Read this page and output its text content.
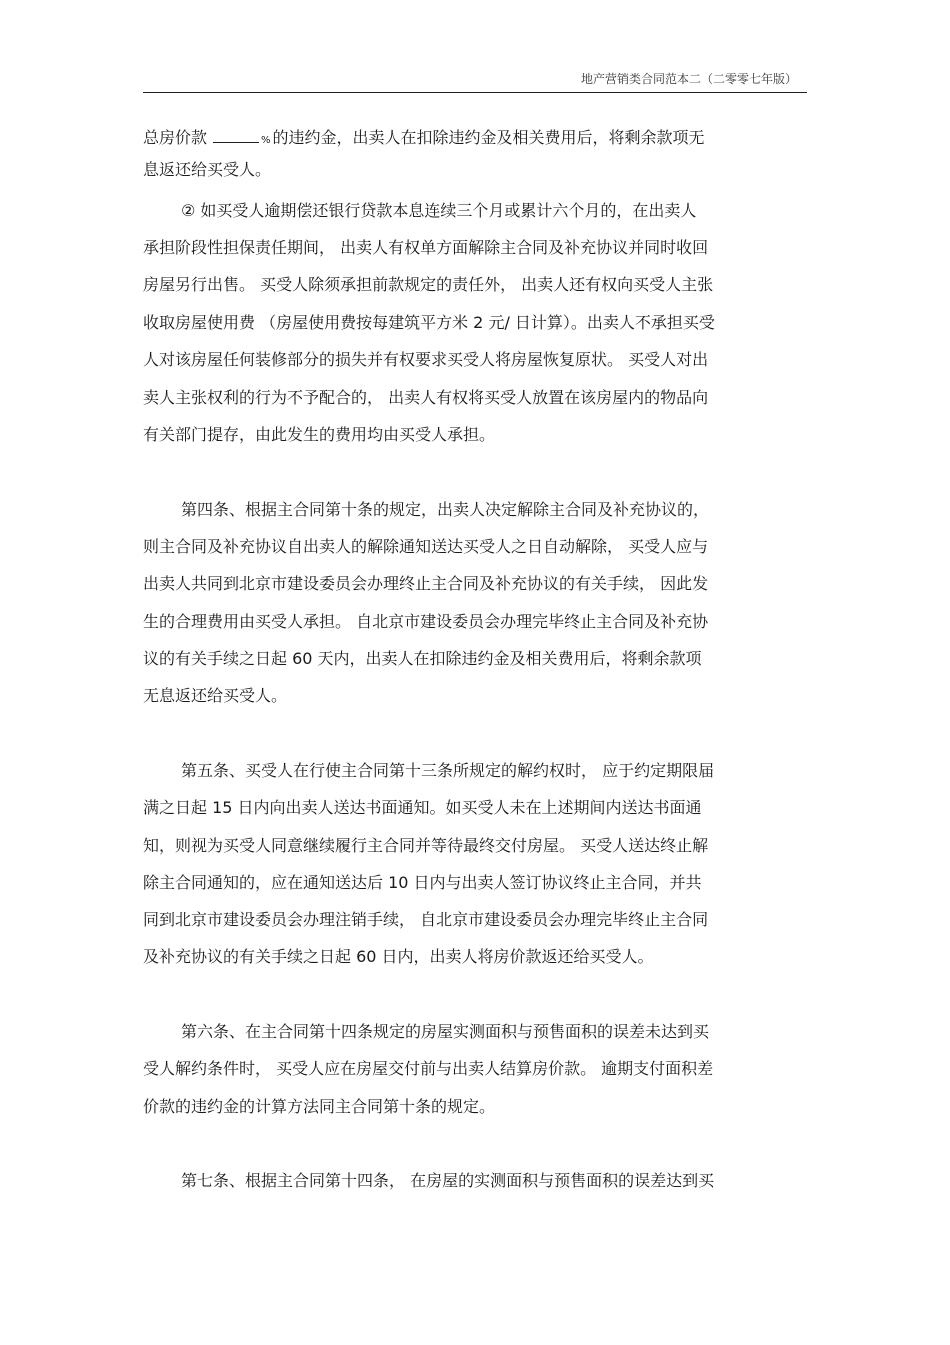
地产营销类合同范本二（二零零七年版）
总房价款	% 的违约金，出卖人在扣除违约金及相关费用后，将剩余款项无
息返还给买受人。
② 如买受人逾期偿还银行贷款本息连续三个月或累计六个月的，在出卖人
承担阶段性担保责任期间， 出卖人有权单方面解除主合同及补充协议并同时收回
房屋另行出售。 买受人除须承担前款规定的责任外， 出卖人还有权向买受人主张
收取房屋使用费 （房屋使用费按每建筑平方米 2 元/ 日计算）。出卖人不承担买受
人对该房屋任何装修部分的损失并有权要求买受人将房屋恢复原状。 买受人对出
卖人主张权利的行为不予配合的， 出卖人有权将买受人放置在该房屋内的物品向
有关部门提存，由此发生的费用均由买受人承担。
第四条、根据主合同第十条的规定，出卖人决定解除主合同及补充协议的，
则主合同及补充协议自出卖人的解除通知送达买受人之日自动解除， 买受人应与
出卖人共同到北京市建设委员会办理终止主合同及补充协议的有关手续， 因此发
生的合理费用由买受人承担。 自北京市建设委员会办理完毕终止主合同及补充协
议的有关手续之日起 60 天内，出卖人在扣除违约金及相关费用后，将剩余款项
无息返还给买受人。
第五条、买受人在行使主合同第十三条所规定的解约权时， 应于约定期限届
满之日起 15 日内向出卖人送达书面通知。如买受人未在上述期间内送达书面通
知，则视为买受人同意继续履行主合同并等待最终交付房屋。 买受人送达终止解
除主合同通知的，应在通知送达后 10 日内与出卖人签订协议终止主合同，并共
同到北京市建设委员会办理注销手续， 自北京市建设委员会办理完毕终止主合同
及补充协议的有关手续之日起 60 日内，出卖人将房价款返还给买受人。
第六条、在主合同第十四条规定的房屋实测面积与预售面积的误差未达到买
受人解约条件时， 买受人应在房屋交付前与出卖人结算房价款。 逾期支付面积差
价款的违约金的计算方法同主合同第十条的规定。
第七条、根据主合同第十四条， 在房屋的实测面积与预售面积的误差达到买
